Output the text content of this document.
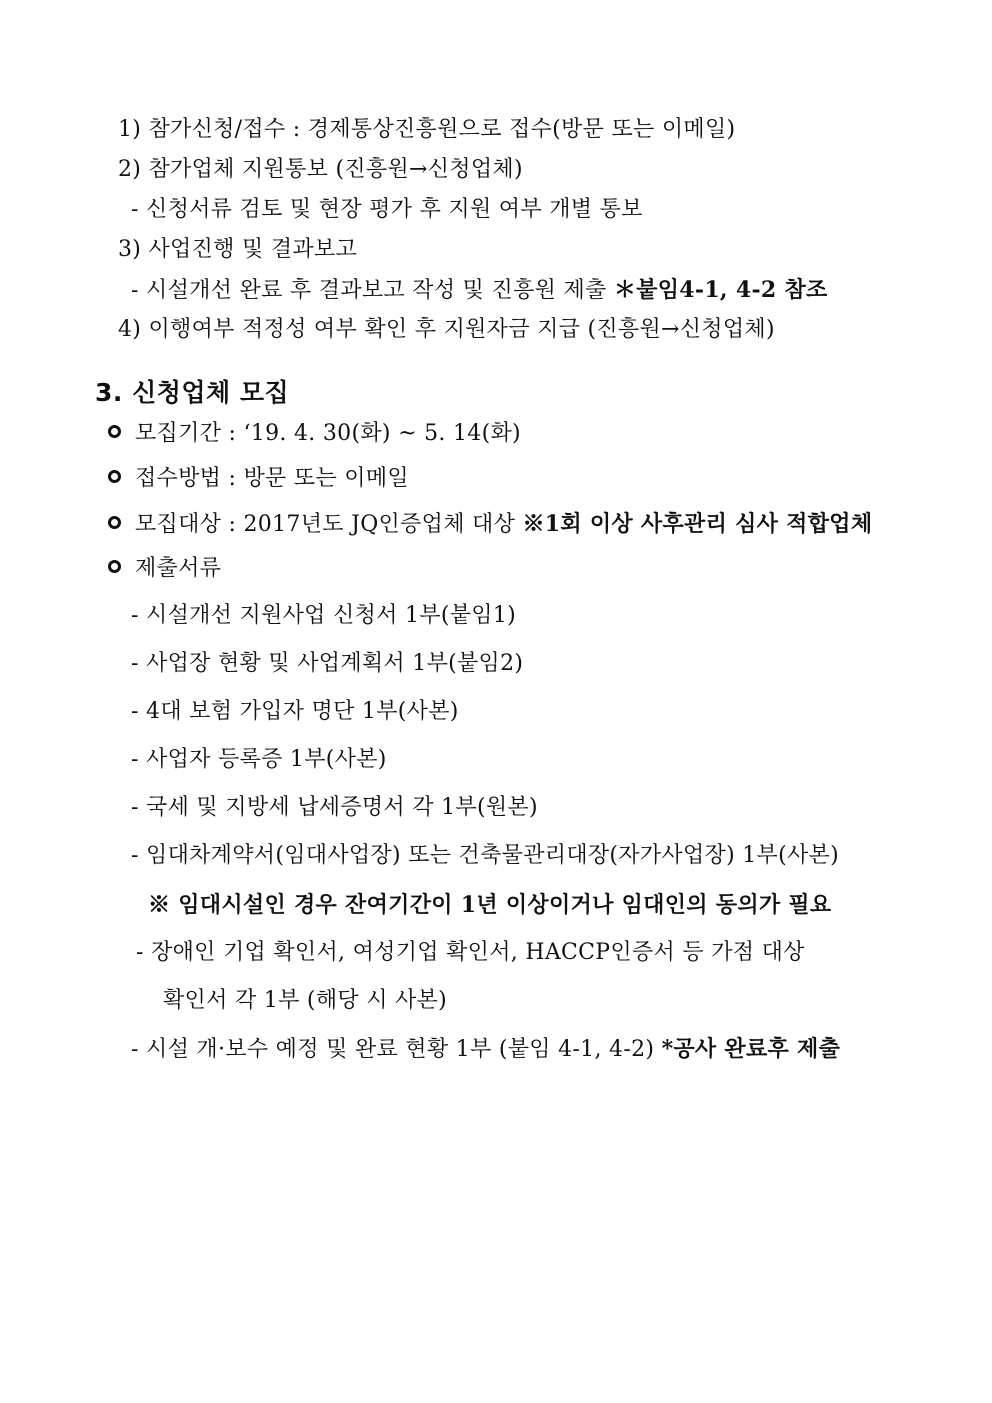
1) 참가신청/접수 : 경제통상진흥원으로 접수(방문 또는 이메일)
2) 참가업체 지원통보 (진흥원→신청업체)
- 신청서류 검토 및 현장 평가 후 지원 여부 개별 통보
3) 사업진행 및 결과보고
- 시설개선 완료 후 결과보고 작성 및 진흥원 제출 ＊붙임4-1, 4-2 참조
4) 이행여부 적정성 여부 확인 후 지원자금 지급 (진흥원→신청업체)
3. 신청업체 모집
모집기간 : ‘19. 4. 30(화) ~ 5. 14(화)
접수방법 : 방문 또는 이메일
모집대상 : 2017년도 JQ인증업체 대상 ※1회 이상 사후관리 심사 적합업체
제출서류
- 시설개선 지원사업 신청서 1부(붙임1)
- 사업장 현황 및 사업계획서 1부(붙임2)
- 4대 보험 가입자 명단 1부(사본)
- 사업자 등록증 1부(사본)
- 국세 및 지방세 납세증명서 각 1부(원본)
- 임대차계약서(임대사업장) 또는 건축물관리대장(자가사업장) 1부(사본)
※ 임대시설인 경우 잔여기간이 1년 이상이거나 임대인의 동의가 필요
- 장애인 기업 확인서, 여성기업 확인서, HACCP인증서 등 가점 대상
확인서 각 1부 (해당 시 사본)
- 시설 개·보수 예정 및 완료 현황 1부 (붙임 4-1, 4-2) *공사 완료후 제출
